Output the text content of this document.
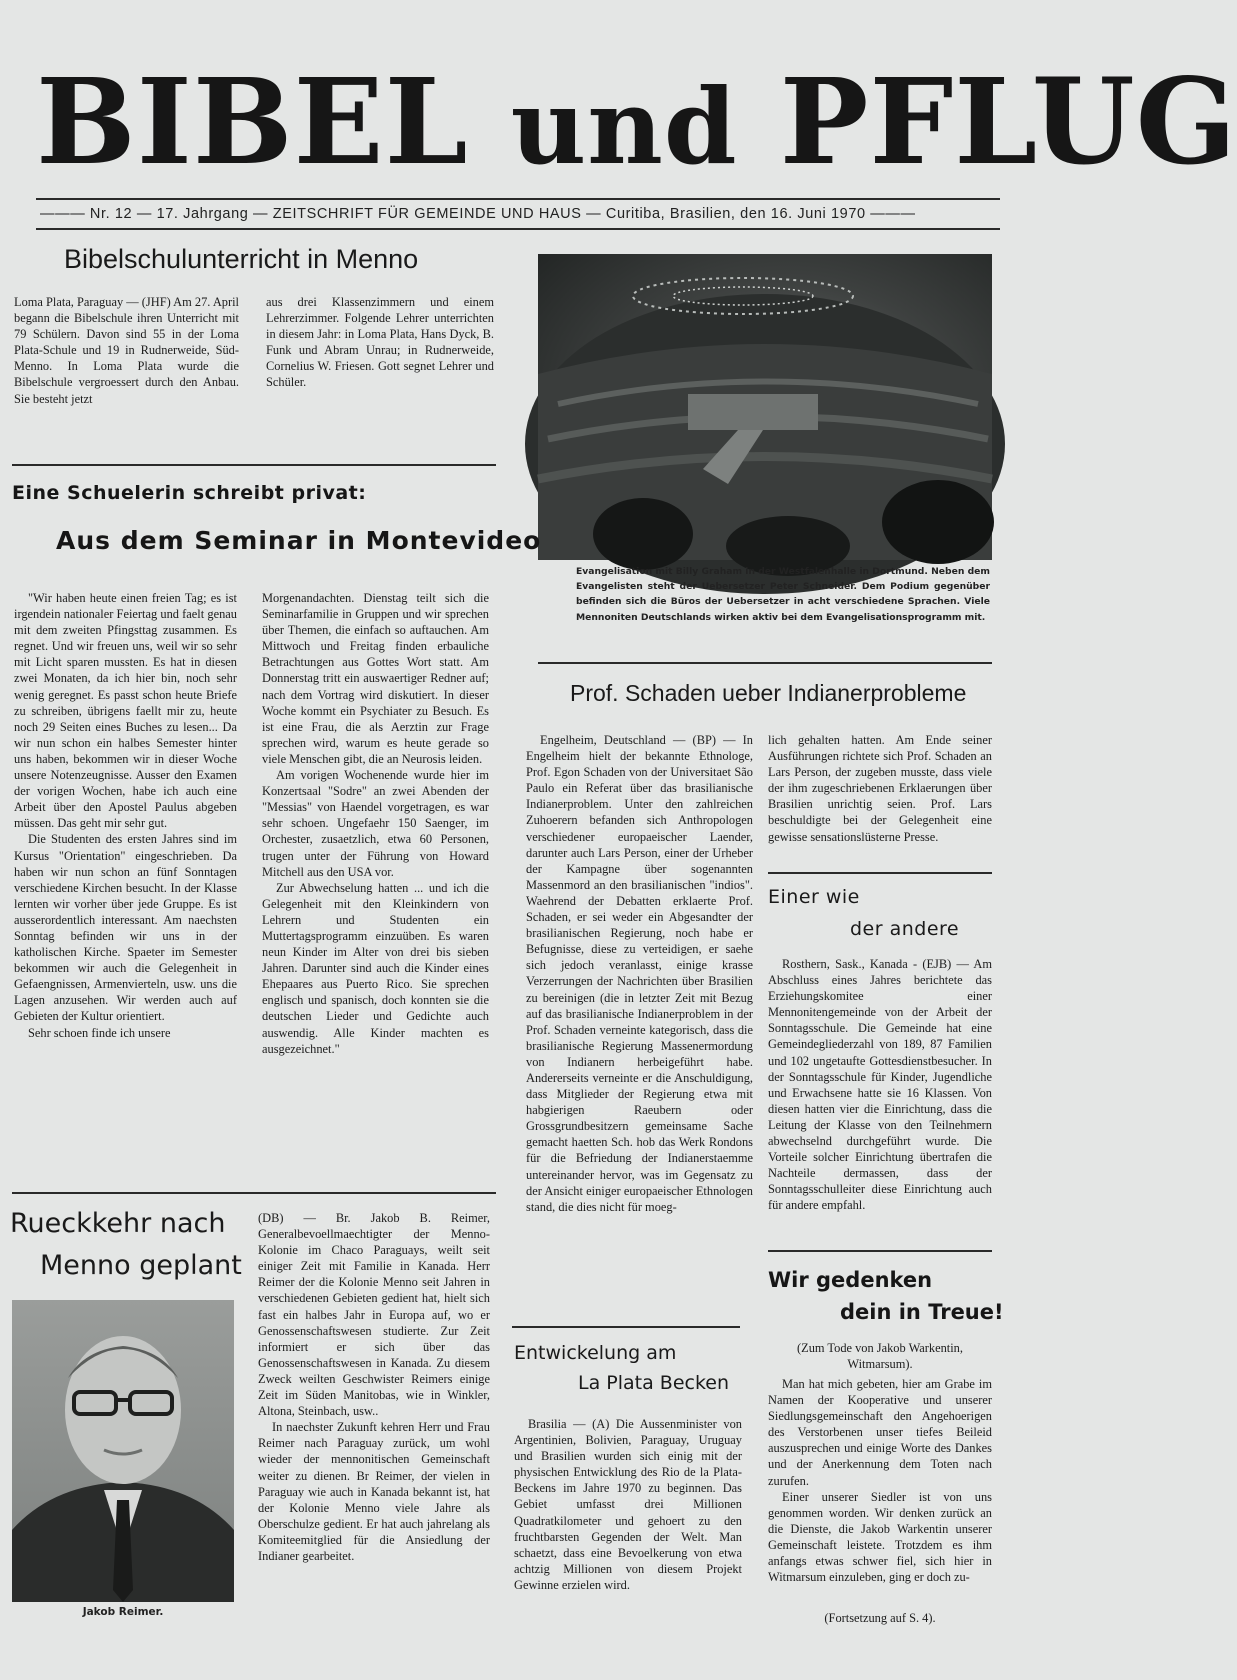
BIBEL und PFLUG
——— Nr. 12 — 17. Jahrgang — ZEITSCHRIFT FÜR GEMEINDE UND HAUS — Curitiba, Brasilien, den 16. Juni 1970 ———
Bibelschulunterricht in Menno

Loma Plata, Paraguay — (JHF) Am 27. April begann die Bibelschule ihren Unterricht mit 79 Schülern. Davon sind 55 in der Loma Plata-Schule und 19 in Rudnerweide, Süd-Menno. In Loma Plata wurde die Bibelschule vergroessert durch den Anbau. Sie besteht jetzt

aus drei Klassenzimmern und einem Lehrerzimmer. Folgende Lehrer unterrichten in diesem Jahr: in Loma Plata, Hans Dyck, B. Funk und Abram Unrau; in Rudnerweide, Cornelius W. Friesen. Gott segnet Lehrer und Schüler.

Evangelisation mit Billy Graham in der Westfalenhalle in Dortmund. Neben dem Evangelisten steht der Uebersetzer Peter Schneider. Dem Podium gegenüber befinden sich die Büros der Uebersetzer in acht verschiedene Sprachen. Viele Mennoniten Deutschlands wirken aktiv bei dem Evangelisationsprogramm mit.
Eine Schuelerin schreibt privat:
Aus dem Seminar in Montevideo

"Wir haben heute einen freien Tag; es ist irgendein nationaler Feiertag und faelt genau mit dem zweiten Pfingsttag zusammen. Es regnet. Und wir freuen uns, weil wir so sehr mit Licht sparen mussten. Es hat in diesen zwei Monaten, da ich hier bin, noch sehr wenig geregnet. Es passt schon heute Briefe zu schreiben, übrigens faellt mir zu, heute noch 29 Seiten eines Buches zu lesen... Da wir nun schon ein halbes Semester hinter uns haben, bekommen wir in dieser Woche unsere Notenzeugnisse. Ausser den Examen der vorigen Wochen, habe ich auch eine Arbeit über den Apostel Paulus abgeben müssen. Das geht mir sehr gut.

Die Studenten des ersten Jahres sind im Kursus "Orientation" eingeschrieben. Da haben wir nun schon an fünf Sonntagen verschiedene Kirchen besucht. In der Klasse lernten wir vorher über jede Gruppe. Es ist ausserordentlich interessant. Am naechsten Sonntag befinden wir uns in der katholischen Kirche. Spaeter im Semester bekommen wir auch die Gelegenheit in Gefaengnissen, Armenvierteln, usw. uns die Lagen anzusehen. Wir werden auch auf Gebieten der Kultur orientiert.

Sehr schoen finde ich unsere

Morgenandachten. Dienstag teilt sich die Seminarfamilie in Gruppen und wir sprechen über Themen, die einfach so auftauchen. Am Mittwoch und Freitag finden erbauliche Betrachtungen aus Gottes Wort statt. Am Donnerstag tritt ein auswaertiger Redner auf; nach dem Vortrag wird diskutiert. In dieser Woche kommt ein Psychiater zu Besuch. Es ist eine Frau, die als Aerztin zur Frage sprechen wird, warum es heute gerade so viele Menschen gibt, die an Neurosis leiden.

Am vorigen Wochenende wurde hier im Konzertsaal "Sodre" an zwei Abenden der "Messias" von Haendel vorgetragen, es war sehr schoen. Ungefaehr 150 Saenger, im Orchester, zusaetzlich, etwa 60 Personen, trugen unter der Führung von Howard Mitchell aus den USA vor.

Zur Abwechselung hatten ... und ich die Gelegenheit mit den Kleinkindern von Lehrern und Studenten ein Muttertagsprogramm einzuüben. Es waren neun Kinder im Alter von drei bis sieben Jahren. Darunter sind auch die Kinder eines Ehepaares aus Puerto Rico. Sie sprechen englisch und spanisch, doch konnten sie die deutschen Lieder und Gedichte auch auswendig. Alle Kinder machten es ausgezeichnet."

Prof. Schaden ueber Indianerprobleme

Engelheim, Deutschland — (BP) — In Engelheim hielt der bekannte Ethnologe, Prof. Egon Schaden von der Universitaet São Paulo ein Referat über das brasilianische Indianerproblem. Unter den zahlreichen Zuhoerern befanden sich Anthropologen verschiedener europaeischer Laender, darunter auch Lars Person, einer der Urheber der Kampagne über sogenannten Massenmord an den brasilianischen "indios". Waehrend der Debatten erklaerte Prof. Schaden, er sei weder ein Abgesandter der brasilianischen Regierung, noch habe er Befugnisse, diese zu verteidigen, er saehe sich jedoch veranlasst, einige krasse Verzerrungen der Nachrichten über Brasilien zu bereinigen (die in letzter Zeit mit Bezug auf das brasilianische Indianerproblem in der Prof. Schaden verneinte kategorisch, dass die brasilianische Regierung Massenermordung von Indianern herbeigeführt habe. Andererseits verneinte er die Anschuldigung, dass Mitglieder der Regierung etwa mit habgierigen Raeubern oder Grossgrundbesitzern gemeinsame Sache gemacht haetten Sch. hob das Werk Rondons für die Befriedung der Indianerstaemme untereinander hervor, was im Gegensatz zu der Ansicht einiger europaeischer Ethnologen stand, die dies nicht für moeg-

lich gehalten hatten. Am Ende seiner Ausführungen richtete sich Prof. Schaden an Lars Person, der zugeben musste, dass viele der ihm zugeschriebenen Erklaerungen über Brasilien unrichtig seien. Prof. Lars beschuldigte bei der Gelegenheit eine gewisse sensationslüsterne Presse.

Einer wie
der andere

Rosthern, Sask., Kanada - (EJB) — Am Abschluss eines Jahres berichtete das Erziehungskomitee einer Mennonitengemeinde von der Arbeit der Sonntagsschule. Die Gemeinde hat eine Gemeindegliederzahl von 189, 87 Familien und 102 ungetaufte Gottesdienstbesucher. In der Sonntagsschule für Kinder, Jugendliche und Erwachsene hatte sie 16 Klassen. Von diesen hatten vier die Einrichtung, dass die Leitung der Klasse von den Teilnehmern abwechselnd durchgeführt wurde. Die Vorteile solcher Einrichtung übertrafen die Nachteile dermassen, dass der Sonntagsschulleiter diese Einrichtung auch für andere empfahl.

Rueckkehr nach
Menno geplant
Jakob Reimer.

(DB) — Br. Jakob B. Reimer, Generalbevoellmaechtigter der Menno-Kolonie im Chaco Paraguays, weilt seit einiger Zeit mit Familie in Kanada. Herr Reimer der die Kolonie Menno seit Jahren in verschiedenen Gebieten gedient hat, hielt sich fast ein halbes Jahr in Europa auf, wo er Genossenschaftswesen studierte. Zur Zeit informiert er sich über das Genossenschaftswesen in Kanada. Zu diesem Zweck weilten Geschwister Reimers einige Zeit im Süden Manitobas, wie in Winkler, Altona, Steinbach, usw..

In naechster Zukunft kehren Herr und Frau Reimer nach Paraguay zurück, um wohl wieder der mennonitischen Gemeinschaft weiter zu dienen. Br Reimer, der vielen in Paraguay wie auch in Kanada bekannt ist, hat der Kolonie Menno viele Jahre als Oberschulze gedient. Er hat auch jahrelang als Komiteemitglied für die Ansiedlung der Indianer gearbeitet.

Entwickelung am
La Plata Becken

Brasilia — (A) Die Aussenminister von Argentinien, Bolivien, Paraguay, Uruguay und Brasilien wurden sich einig mit der physischen Entwicklung des Rio de la Plata-Beckens im Jahre 1970 zu beginnen. Das Gebiet umfasst drei Millionen Quadratkilometer und gehoert zu den fruchtbarsten Gegenden der Welt. Man schaetzt, dass eine Bevoelkerung von etwa achtzig Millionen von diesem Projekt Gewinne erzielen wird.

Wir gedenken
dein in Treue!
(Zum Tode von Jakob Warkentin, Witmarsum).

Man hat mich gebeten, hier am Grabe im Namen der Kooperative und unserer Siedlungsgemeinschaft den Angehoerigen des Verstorbenen unser tiefes Beileid auszusprechen und einige Worte des Dankes und der Anerkennung dem Toten nach zurufen.

Einer unserer Siedler ist von uns genommen worden. Wir denken zurück an die Dienste, die Jakob Warkentin unserer Gemeinschaft leistete. Trotzdem es ihm anfangs etwas schwer fiel, sich hier in Witmarsum einzuleben, ging er doch zu-

(Fortsetzung auf S. 4).
